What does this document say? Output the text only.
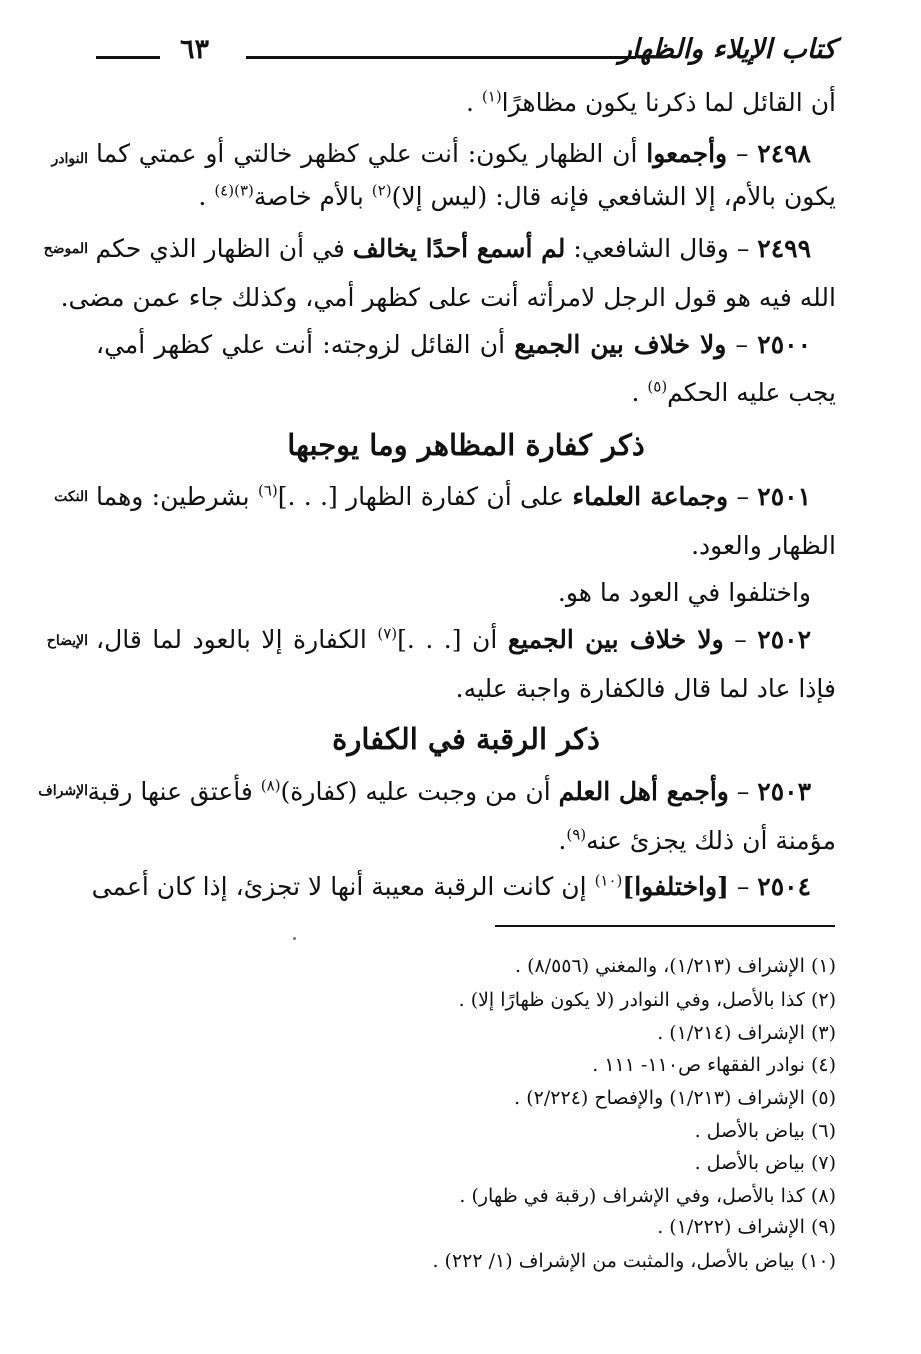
كتاب الإيلاء والظهار
٦٣
أن القائل لما ذكرنا يكون مظاهرًا$^{(١)}$ .
٢٤٩٨ – وأجمعوا أن الظهار يكون: أنت علي كظهر خالتي أو عمتي كما
النوادر
يكون بالأم، إلا الشافعي فإنه قال: (ليس إلا)$^{(٢)}$ بالأم خاصة$^{(٣)(٤)}$ .
٢٤٩٩ – وقال الشافعي: لم أسمع أحدًا يخالف في أن الظهار الذي حكم
الموضح
الله فيه هو قول الرجل لامرأته أنت على كظهر أمي، وكذلك جاء عمن مضى.
٢٥٠٠ – ولا خلاف بين الجميع أن القائل لزوجته: أنت علي كظهر أمي،
يجب عليه الحكم$^{(٥)}$ .
ذكر كفارة المظاهر وما يوجبها
٢٥٠١ – وجماعة العلماء على أن كفارة الظهار [. . .]$^{(٦)}$ بشرطين: وهما
النكت
الظهار والعود.
واختلفوا في العود ما هو.
٢٥٠٢ – ولا خلاف بين الجميع أن [. . .]$^{(٧)}$ الكفارة إلا بالعود لما قال،
الإيضاح
فإذا عاد لما قال فالكفارة واجبة عليه.
ذكر الرقبة في الكفارة
٢٥٠٣ – وأجمع أهل العلم أن من وجبت عليه (كفارة)$^{(٨)}$ فأعتق عنها رقبة
الإشراف
مؤمنة أن ذلك يجزئ عنه$^{(٩)}$.
٢٥٠٤ – [واختلفوا]$^{(١٠)}$ إن كانت الرقبة معيبة أنها لا تجزئ، إذا كان أعمى
(١) الإشراف (١/٢١٣)، والمغني (٨/٥٥٦) .
(٢) كذا بالأصل، وفي النوادر (لا يكون ظهارًا إلا) .
(٣) الإشراف (١/٢١٤) .
(٤) نوادر الفقهاء ص١١٠- ١١١ .
(٥) الإشراف (١/٢١٣) والإفصاح (٢/٢٢٤) .
(٦) بياض بالأصل .
(٧) بياض بالأصل .
(٨) كذا بالأصل، وفي الإشراف (رقبة في ظهار) .
(٩) الإشراف (١/٢٢٢) .
(١٠) بياض بالأصل، والمثبت من الإشراف (١/ ٢٢٢) .
